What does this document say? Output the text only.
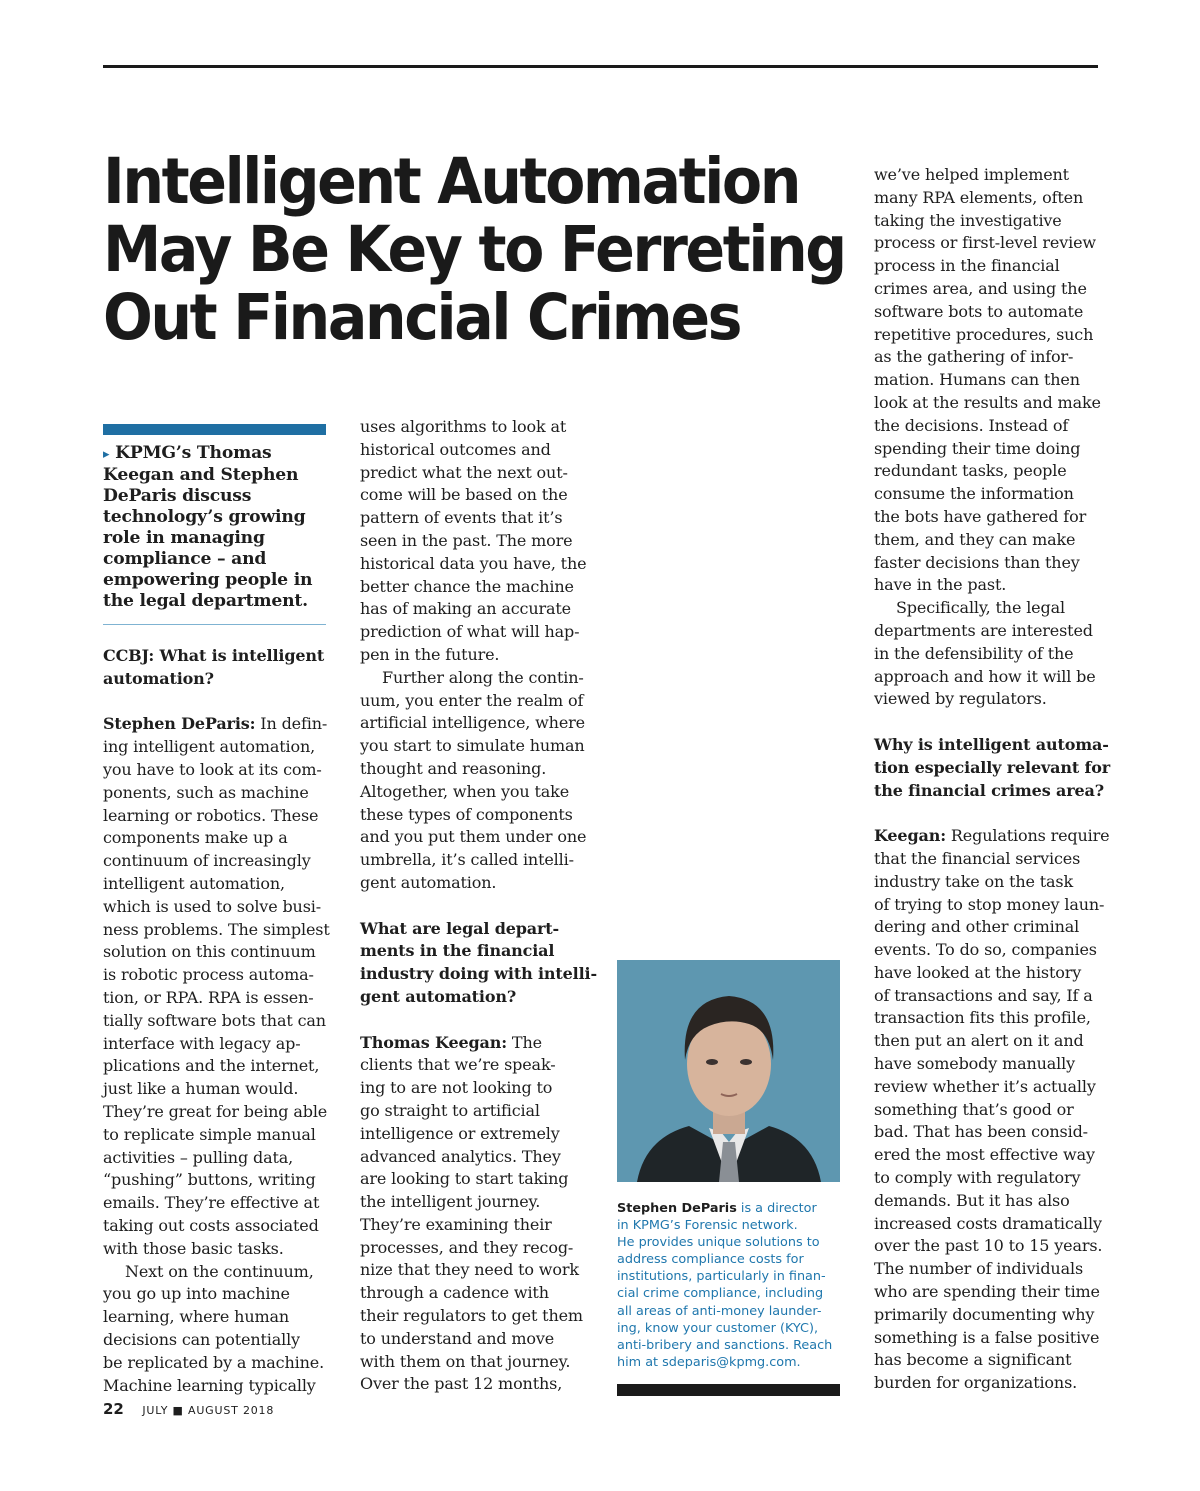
Intelligent Automation
May Be Key to Ferreting
Out Financial Crimes

▸ KPMG’s Thomas

Keegan and Stephen

DeParis discuss

technology’s growing

role in managing

compliance – and

empowering people in

the legal department.

CCBJ: What is intelligent

automation?

Stephen DeParis: In defin-

ing intelligent automation,

you have to look at its com-

ponents, such as machine

learning or robotics. These

components make up a

continuum of increasingly

intelligent automation,

which is used to solve busi-

ness problems. The simplest

solution on this continuum

is robotic process automa-

tion, or RPA. RPA is essen-

tially software bots that can

interface with legacy ap-

plications and the internet,

just like a human would.

They’re great for being able

to replicate simple manual

activities – pulling data,

“pushing” buttons, writing

emails. They’re effective at

taking out costs associated

with those basic tasks.

Next on the continuum,

you go up into machine

learning, where human

decisions can potentially

be replicated by a machine.

Machine learning typically

uses algorithms to look at

historical outcomes and

predict what the next out-

come will be based on the

pattern of events that it’s

seen in the past. The more

historical data you have, the

better chance the machine

has of making an accurate

prediction of what will hap-

pen in the future.

Further along the contin-

uum, you enter the realm of

artificial intelligence, where

you start to simulate human

thought and reasoning.

Altogether, when you take

these types of components

and you put them under one

umbrella, it’s called intelli-

gent automation.

What are legal depart-

ments in the financial

industry doing with intelli-

gent automation?

Thomas Keegan: The

clients that we’re speak-

ing to are not looking to

go straight to artificial

intelligence or extremely

advanced analytics. They

are looking to start taking

the intelligent journey.

They’re examining their

processes, and they recog-

nize that they need to work

through a cadence with

their regulators to get them

to understand and move

with them on that journey.

Over the past 12 months,

Stephen DeParis is a director

in KPMG’s Forensic network.

He provides unique solutions to

address compliance costs for

institutions, particularly in finan-

cial crime compliance, including

all areas of anti-money launder-

ing, know your customer (KYC),

anti-bribery and sanctions. Reach

him at sdeparis@kpmg.com.

we’ve helped implement

many RPA elements, often

taking the investigative

process or first-level review

process in the financial

crimes area, and using the

software bots to automate

repetitive procedures, such

as the gathering of infor-

mation. Humans can then

look at the results and make

the decisions. Instead of

spending their time doing

redundant tasks, people

consume the information

the bots have gathered for

them, and they can make

faster decisions than they

have in the past.

Specifically, the legal

departments are interested

in the defensibility of the

approach and how it will be

viewed by regulators.

Why is intelligent automa-

tion especially relevant for

the financial crimes area?

Keegan: Regulations require

that the financial services

industry take on the task

of trying to stop money laun-

dering and other criminal

events. To do so, companies

have looked at the history

of transactions and say, If a

transaction fits this profile,

then put an alert on it and

have somebody manually

review whether it’s actually

something that’s good or

bad. That has been consid-

ered the most effective way

to comply with regulatory

demands. But it has also

increased costs dramatically

over the past 10 to 15 years.

The number of individuals

who are spending their time

primarily documenting why

something is a false positive

has become a significant

burden for organizations.

22 JULY ■ AUGUST 2018
